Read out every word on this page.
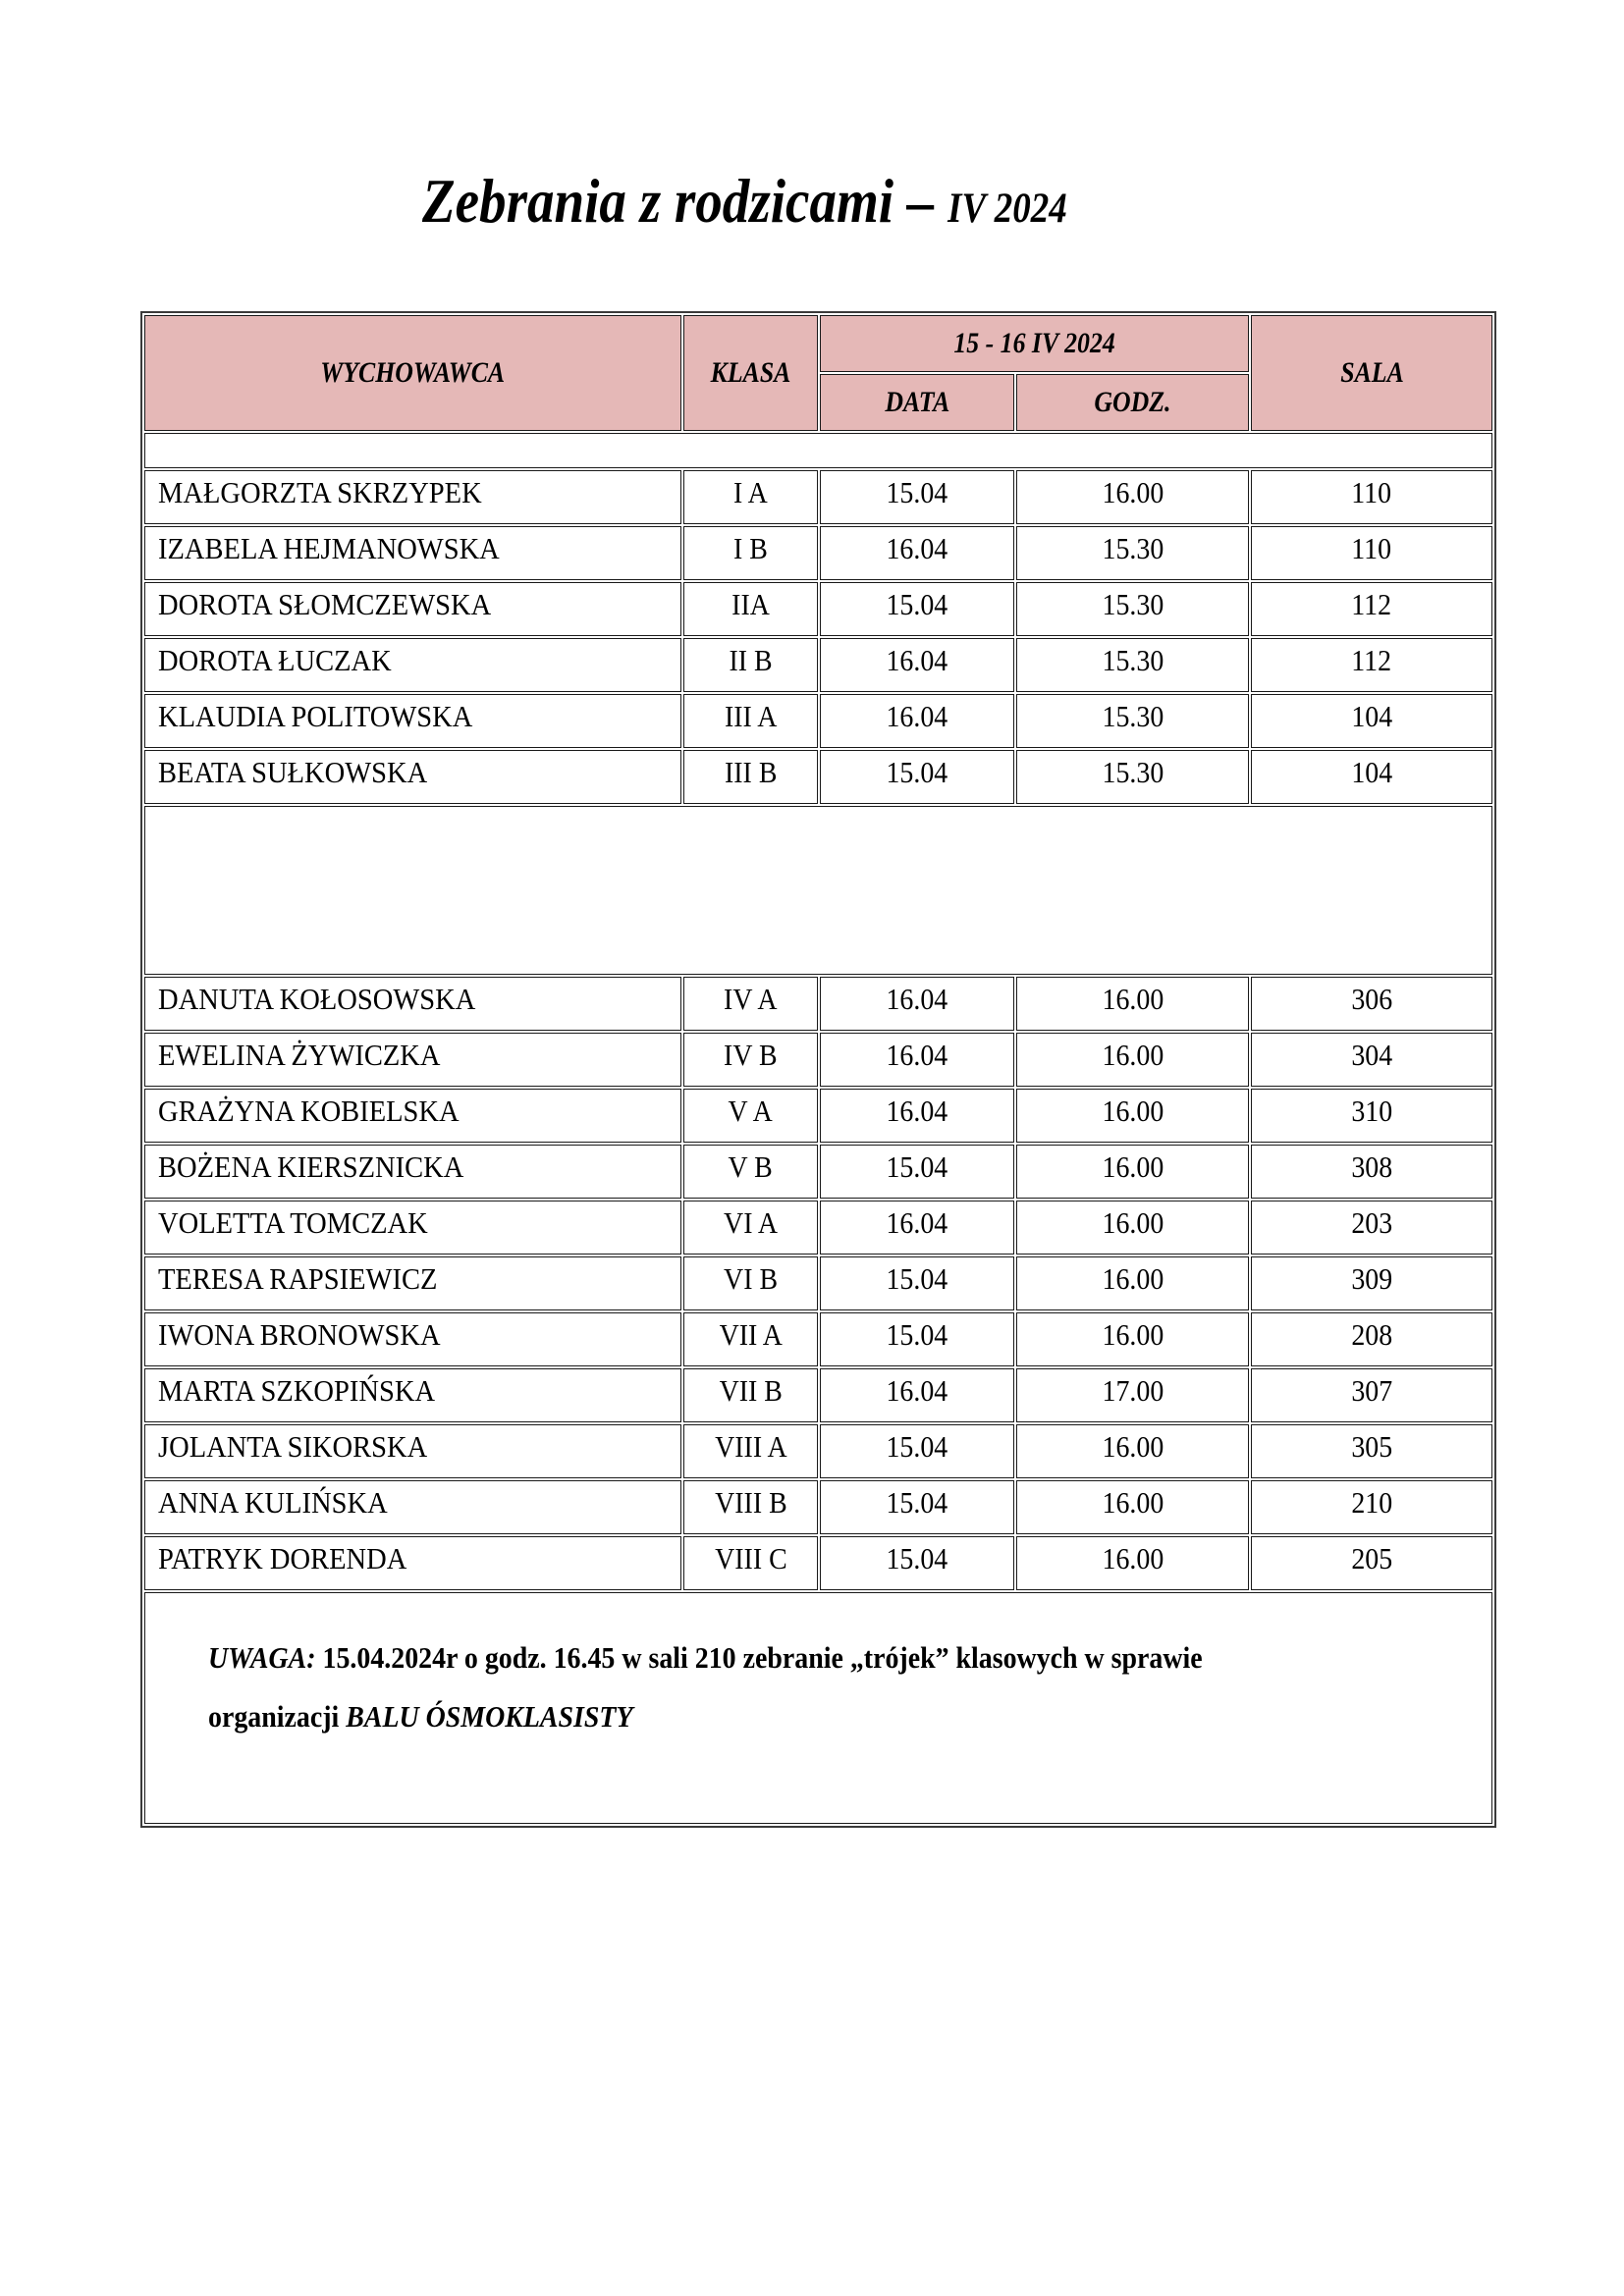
Zebrania z rodzicami – IV 2024
WYCHOWAWCA	KLASA	15 - 16 IV 2024		SALA
		DATA	GODZ.	

MAŁGORZTA SKRZYPEK	I A	15.04	16.00	110
IZABELA HEJMANOWSKA	I B	16.04	15.30	110
DOROTA SŁOMCZEWSKA	IIA	15.04	15.30	112
DOROTA ŁUCZAK	II B	16.04	15.30	112
KLAUDIA POLITOWSKA	III A	16.04	15.30	104
BEATA SUŁKOWSKA	III B	15.04	15.30	104

DANUTA KOŁOSOWSKA	IV A	16.04	16.00	306
EWELINA ŻYWICZKA	IV B	16.04	16.00	304
GRAŻYNA KOBIELSKA	V A	16.04	16.00	310
BOŻENA KIERSZNICKA	V B	15.04	16.00	308
VOLETTA TOMCZAK	VI A	16.04	16.00	203
TERESA RAPSIEWICZ	VI B	15.04	16.00	309
IWONA BRONOWSKA	VII A	15.04	16.00	208
MARTA SZKOPIŃSKA	VII B	16.04	17.00	307
JOLANTA SIKORSKA	VIII A	15.04	16.00	305
ANNA KULIŃSKA	VIII B	15.04	16.00	210
PATRYK DORENDA	VIII C	15.04	16.00	205

UWAGA: 15.04.2024r o godz. 16.45 w sali 210 zebranie „trójek” klasowych w sprawie
organizacji BALU ÓSMOKLASISTY				
